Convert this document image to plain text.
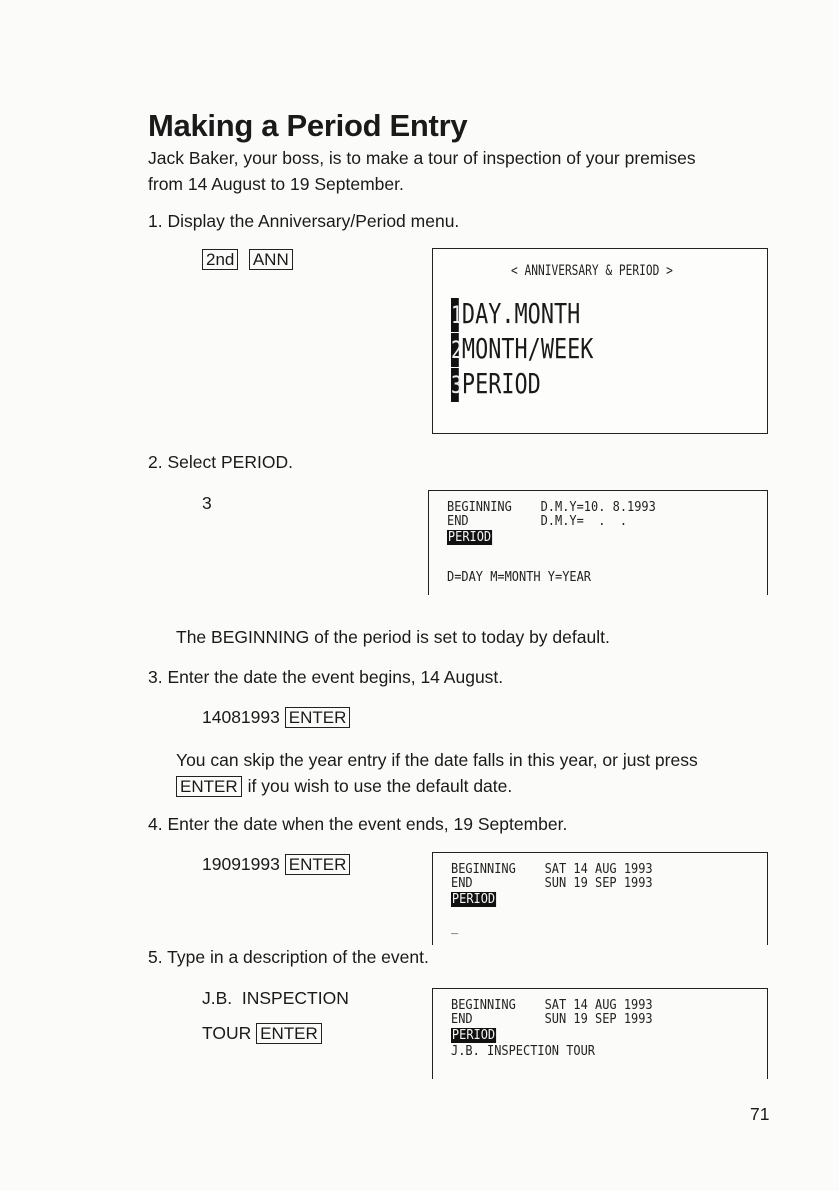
Making a Period Entry
Jack Baker, your boss, is to make a tour of inspection of your premises
from 14 August to 19 September.
1. Display the Anniversary/Period menu.
2nd ANN
< ANNIVERSARY & PERIOD >
1DAY.MONTH
2MONTH/WEEK
3PERIOD
2. Select PERIOD.
3	BEGINNING    D.M.Y=10. 8.1993
END          D.M.Y=  .  .
PERIOD
D=DAY M=MONTH Y=YEAR
The BEGINNING of the period is set to today by default.
3. Enter the date the event begins, 14 August.
14081993 ENTER
You can skip the year entry if the date falls in this year, or just press
ENTER if you wish to use the default date.
4. Enter the date when the event ends, 19 September.
19091993 ENTER	BEGINNING    SAT 14 AUG 1993
END          SUN 19 SEP 1993
PERIOD
_
5. Type in a description of the event.
J.B.  INSPECTION
TOUR ENTER
BEGINNING    SAT 14 AUG 1993
END          SUN 19 SEP 1993
PERIOD
J.B. INSPECTION TOUR
71
